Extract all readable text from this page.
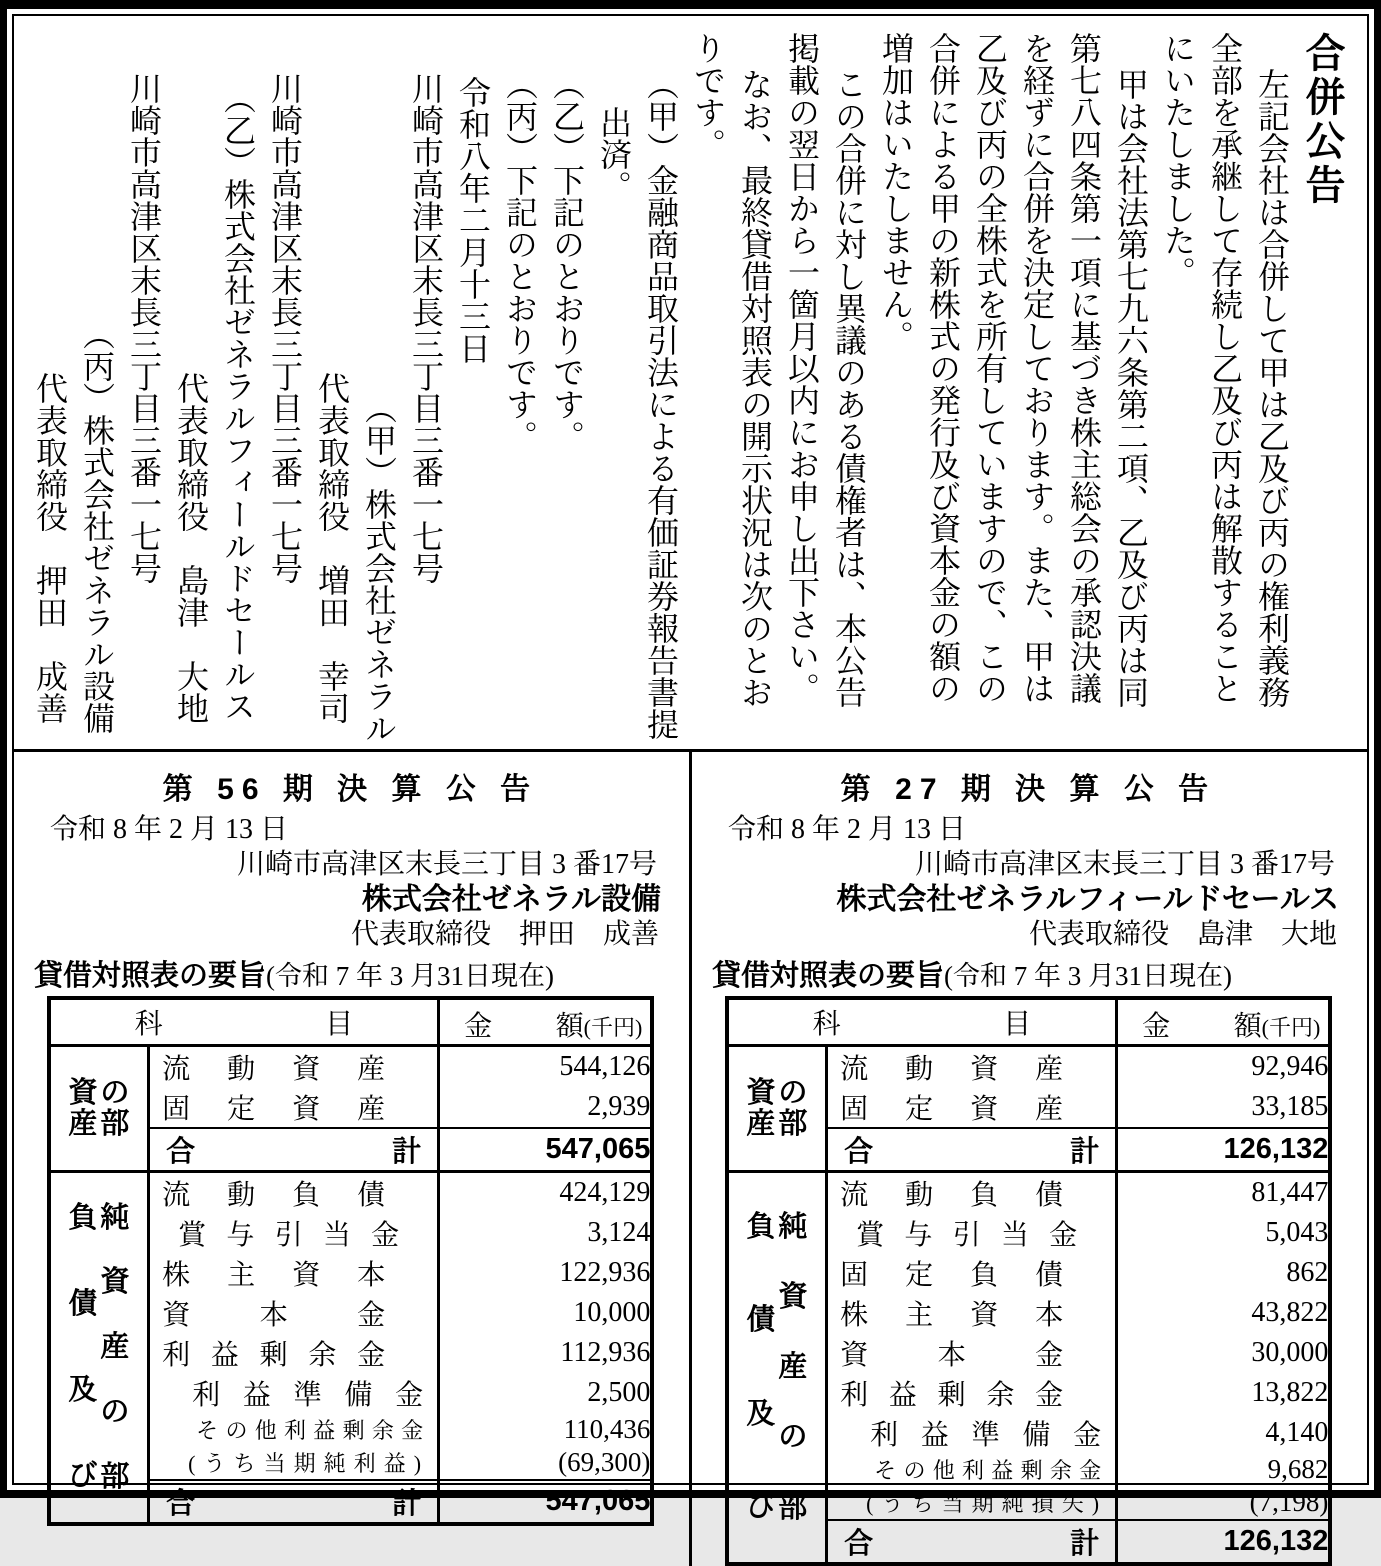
合併公告

左記会社は合併して甲は乙及び丙の権利義務

全部を承継して存続し乙及び丙は解散すること

にいたしました。

甲は会社法第七九六条第二項、乙及び丙は同

第七八四条第一項に基づき株主総会の承認決議

を経ずに合併を決定しております。また、甲は

乙及び丙の全株式を所有していますので、この

合併による甲の新株式の発行及び資本金の額の

増加はいたしません。

この合併に対し異議のある債権者は、本公告

掲載の翌日から一箇月以内にお申し出下さい。

なお、最終貸借対照表の開示状況は次のとお

りです。

（甲）金融商品取引法による有価証券報告書提

出済。

（乙）下記のとおりです。

（丙）下記のとおりです。

令和八年二月十三日

川崎市高津区末長三丁目三番一七号

（甲）株式会社ゼネラル

代表取締役　増田　幸司

川崎市高津区末長三丁目三番一七号

（乙）株式会社ゼネラルフィールドセールス

代表取締役　島津　大地

川崎市高津区末長三丁目三番一七号

（丙）株式会社ゼネラル設備

代表取締役　押田　成善

第 56 期 決 算 公 告

令和 8 年 2 月 13 日

川崎市高津区末長三丁目 3 番17号

株式会社ゼネラル設備

代表取締役　押田　成善

貸借対照表の要旨 (令和 7 年 3 月31日現在)

科 目		金 額 (千円)

資
産
の
部

流 動 資 産	544,126

	固 定 資 産	2,939

	合 計	547,065

負
債
及
び
純
資
産
の
部

流 動 負 債	424,129

	賞 与 引 当 金	3,124

	株 主 資 本	122,936

	資 本 金	10,000

	利 益 剰 余 金	112,936

	利 益 準 備 金	2,500

そ の 他 利 益 剰 余 金	110,436

( う ち 当 期 純 利 益 )	(69,300)

	合 計	547,065

第 27 期 決 算 公 告

令和 8 年 2 月 13 日

川崎市高津区末長三丁目 3 番17号

株式会社ゼネラルフィールドセールス

代表取締役　島津　大地

貸借対照表の要旨 (令和 7 年 3 月31日現在)

科 目		金 額 (千円)

資
産
の
部

流 動 資 産	92,946

	固 定 資 産	33,185

	合 計	126,132

負
債
及
び
純
資
産
の
部

流 動 負 債	81,447

	賞 与 引 当 金	5,043

	固 定 負 債	862

	株 主 資 本	43,822

	資 本 金	30,000

	利 益 剰 余 金	13,822

	利 益 準 備 金	4,140

そ の 他 利 益 剰 余 金	9,682

( う ち 当 期 純 損 失 )	(7,198)

	合 計	126,132
